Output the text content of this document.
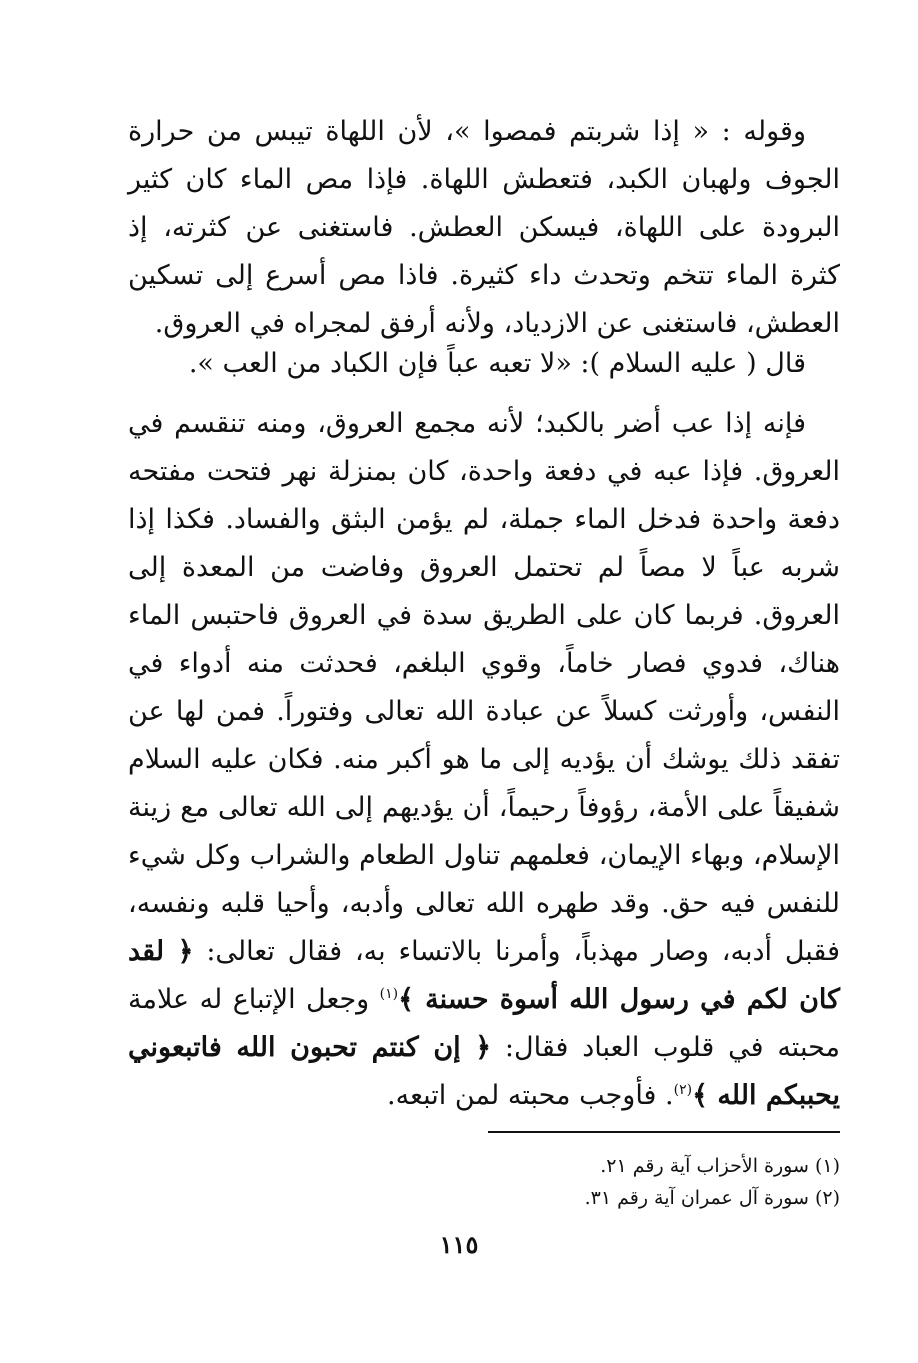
وقوله : « إذا شربتم فمصوا »، لأن اللهاة تيبس من حرارة الجوف ولهبان الكبد، فتعطش اللهاة. فإذا مص الماء كان كثير البرودة على اللهاة، فيسكن العطش. فاستغنى عن كثرته، إذ كثرة الماء تتخم وتحدث داء كثيرة. فاذا مص أسرع إلى تسكين العطش، فاستغنى عن الازدياد، ولأنه أرفق لمجراه في العروق.

قال ( عليه السلام ): «لا تعبه عباً فإن الكباد من العب ».

فإنه إذا عب أضر بالكبد؛ لأنه مجمع العروق، ومنه تنقسم في العروق. فإذا عبه في دفعة واحدة، كان بمنزلة نهر فتحت مفتحه دفعة واحدة فدخل الماء جملة، لم يؤمن البثق والفساد. فكذا إذا شربه عباً لا مصاً لم تحتمل العروق وفاضت من المعدة إلى العروق. فربما كان على الطريق سدة في العروق فاحتبس الماء هناك، فدوي فصار خاماً، وقوي البلغم، فحدثت منه أدواء في النفس، وأورثت كسلاً عن عبادة الله تعالى وفتوراً. فمن لها عن تفقد ذلك يوشك أن يؤديه إلى ما هو أكبر منه. فكان عليه السلام شفيقاً على الأمة، رؤوفاً رحيماً، أن يؤديهم إلى الله تعالى مع زينة الإسلام، وبهاء الإيمان، فعلمهم تناول الطعام والشراب وكل شيء للنفس فيه حق. وقد طهره الله تعالى وأدبه، وأحيا قلبه ونفسه، فقبل أدبه، وصار مهذباً، وأمرنا بالاتساء به، فقال تعالى: ﴿ لقد كان لكم في رسول الله أسوة حسنة ﴾$^{(١)}$ وجعل الإتباع له علامة محبته في قلوب العباد فقال: ﴿ إن كنتم تحبون الله فاتبعوني يحببكم الله ﴾$^{(٢)}$. فأوجب محبته لمن اتبعه.

(١) سورة الأحزاب آية رقم ٢١.

(٢) سورة آل عمران آية رقم ٣١.

١١٥
